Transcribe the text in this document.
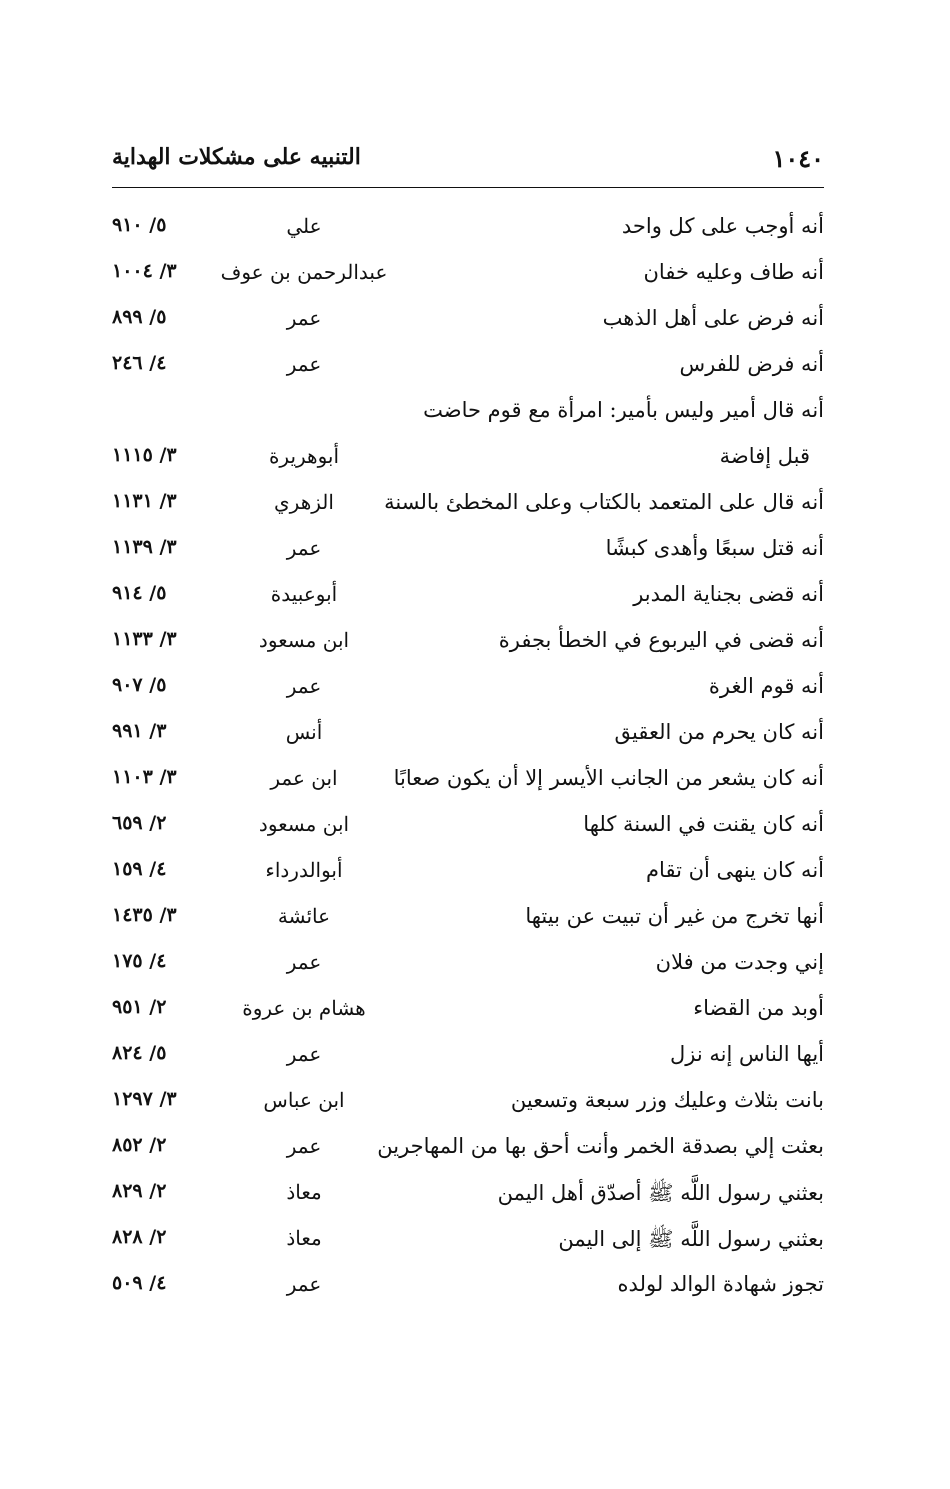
١٠٤٠
التنبيه على مشكلات الهداية
أنه أوجب على كل واحد
علي
٥/ ٩١٠
أنه طاف وعليه خفان
عبدالرحمن بن عوف
٣/ ١٠٠٤
أنه فرض على أهل الذهب
عمر
٥/ ٨٩٩
أنه فرض للفرس
عمر
٤/ ٢٤٦
أنه قال أمير وليس بأمير: امرأة مع قوم حاضت
قبل إفاضة
أبوهريرة
٣/ ١١١٥
أنه قال على المتعمد بالكتاب وعلى المخطئ بالسنة
الزهري
٣/ ١١٣١
أنه قتل سبعًا وأهدى كبشًا
عمر
٣/ ١١٣٩
أنه قضى بجناية المدبر
أبوعبيدة
٥/ ٩١٤
أنه قضى في اليربوع في الخطأ بجفرة
ابن مسعود
٣/ ١١٣٣
أنه قوم الغرة
عمر
٥/ ٩٠٧
أنه كان يحرم من العقيق
أنس
٣/ ٩٩١
أنه كان يشعر من الجانب الأيسر إلا أن يكون صعابًا
ابن عمر
٣/ ١١٠٣
أنه كان يقنت في السنة كلها
ابن مسعود
٢/ ٦٥٩
أنه كان ينهى أن تقام
أبوالدرداء
٤/ ١٥٩
أنها تخرج من غير أن تبيت عن بيتها
عائشة
٣/ ١٤٣٥
إني وجدت من فلان
عمر
٤/ ١٧٥
أوبد من القضاء
هشام بن عروة
٢/ ٩٥١
أيها الناس إنه نزل
عمر
٥/ ٨٢٤
بانت بثلاث وعليك وزر سبعة وتسعين
ابن عباس
٣/ ١٢٩٧
بعثت إلي بصدقة الخمر وأنت أحق بها من المهاجرين
عمر
٢/ ٨٥٢
بعثني رسول اللَّه ﷺ أصدّق أهل اليمن
معاذ
٢/ ٨٢٩
بعثني رسول اللَّه ﷺ إلى اليمن
معاذ
٢/ ٨٢٨
تجوز شهادة الوالد لولده
عمر
٤/ ٥٠٩
